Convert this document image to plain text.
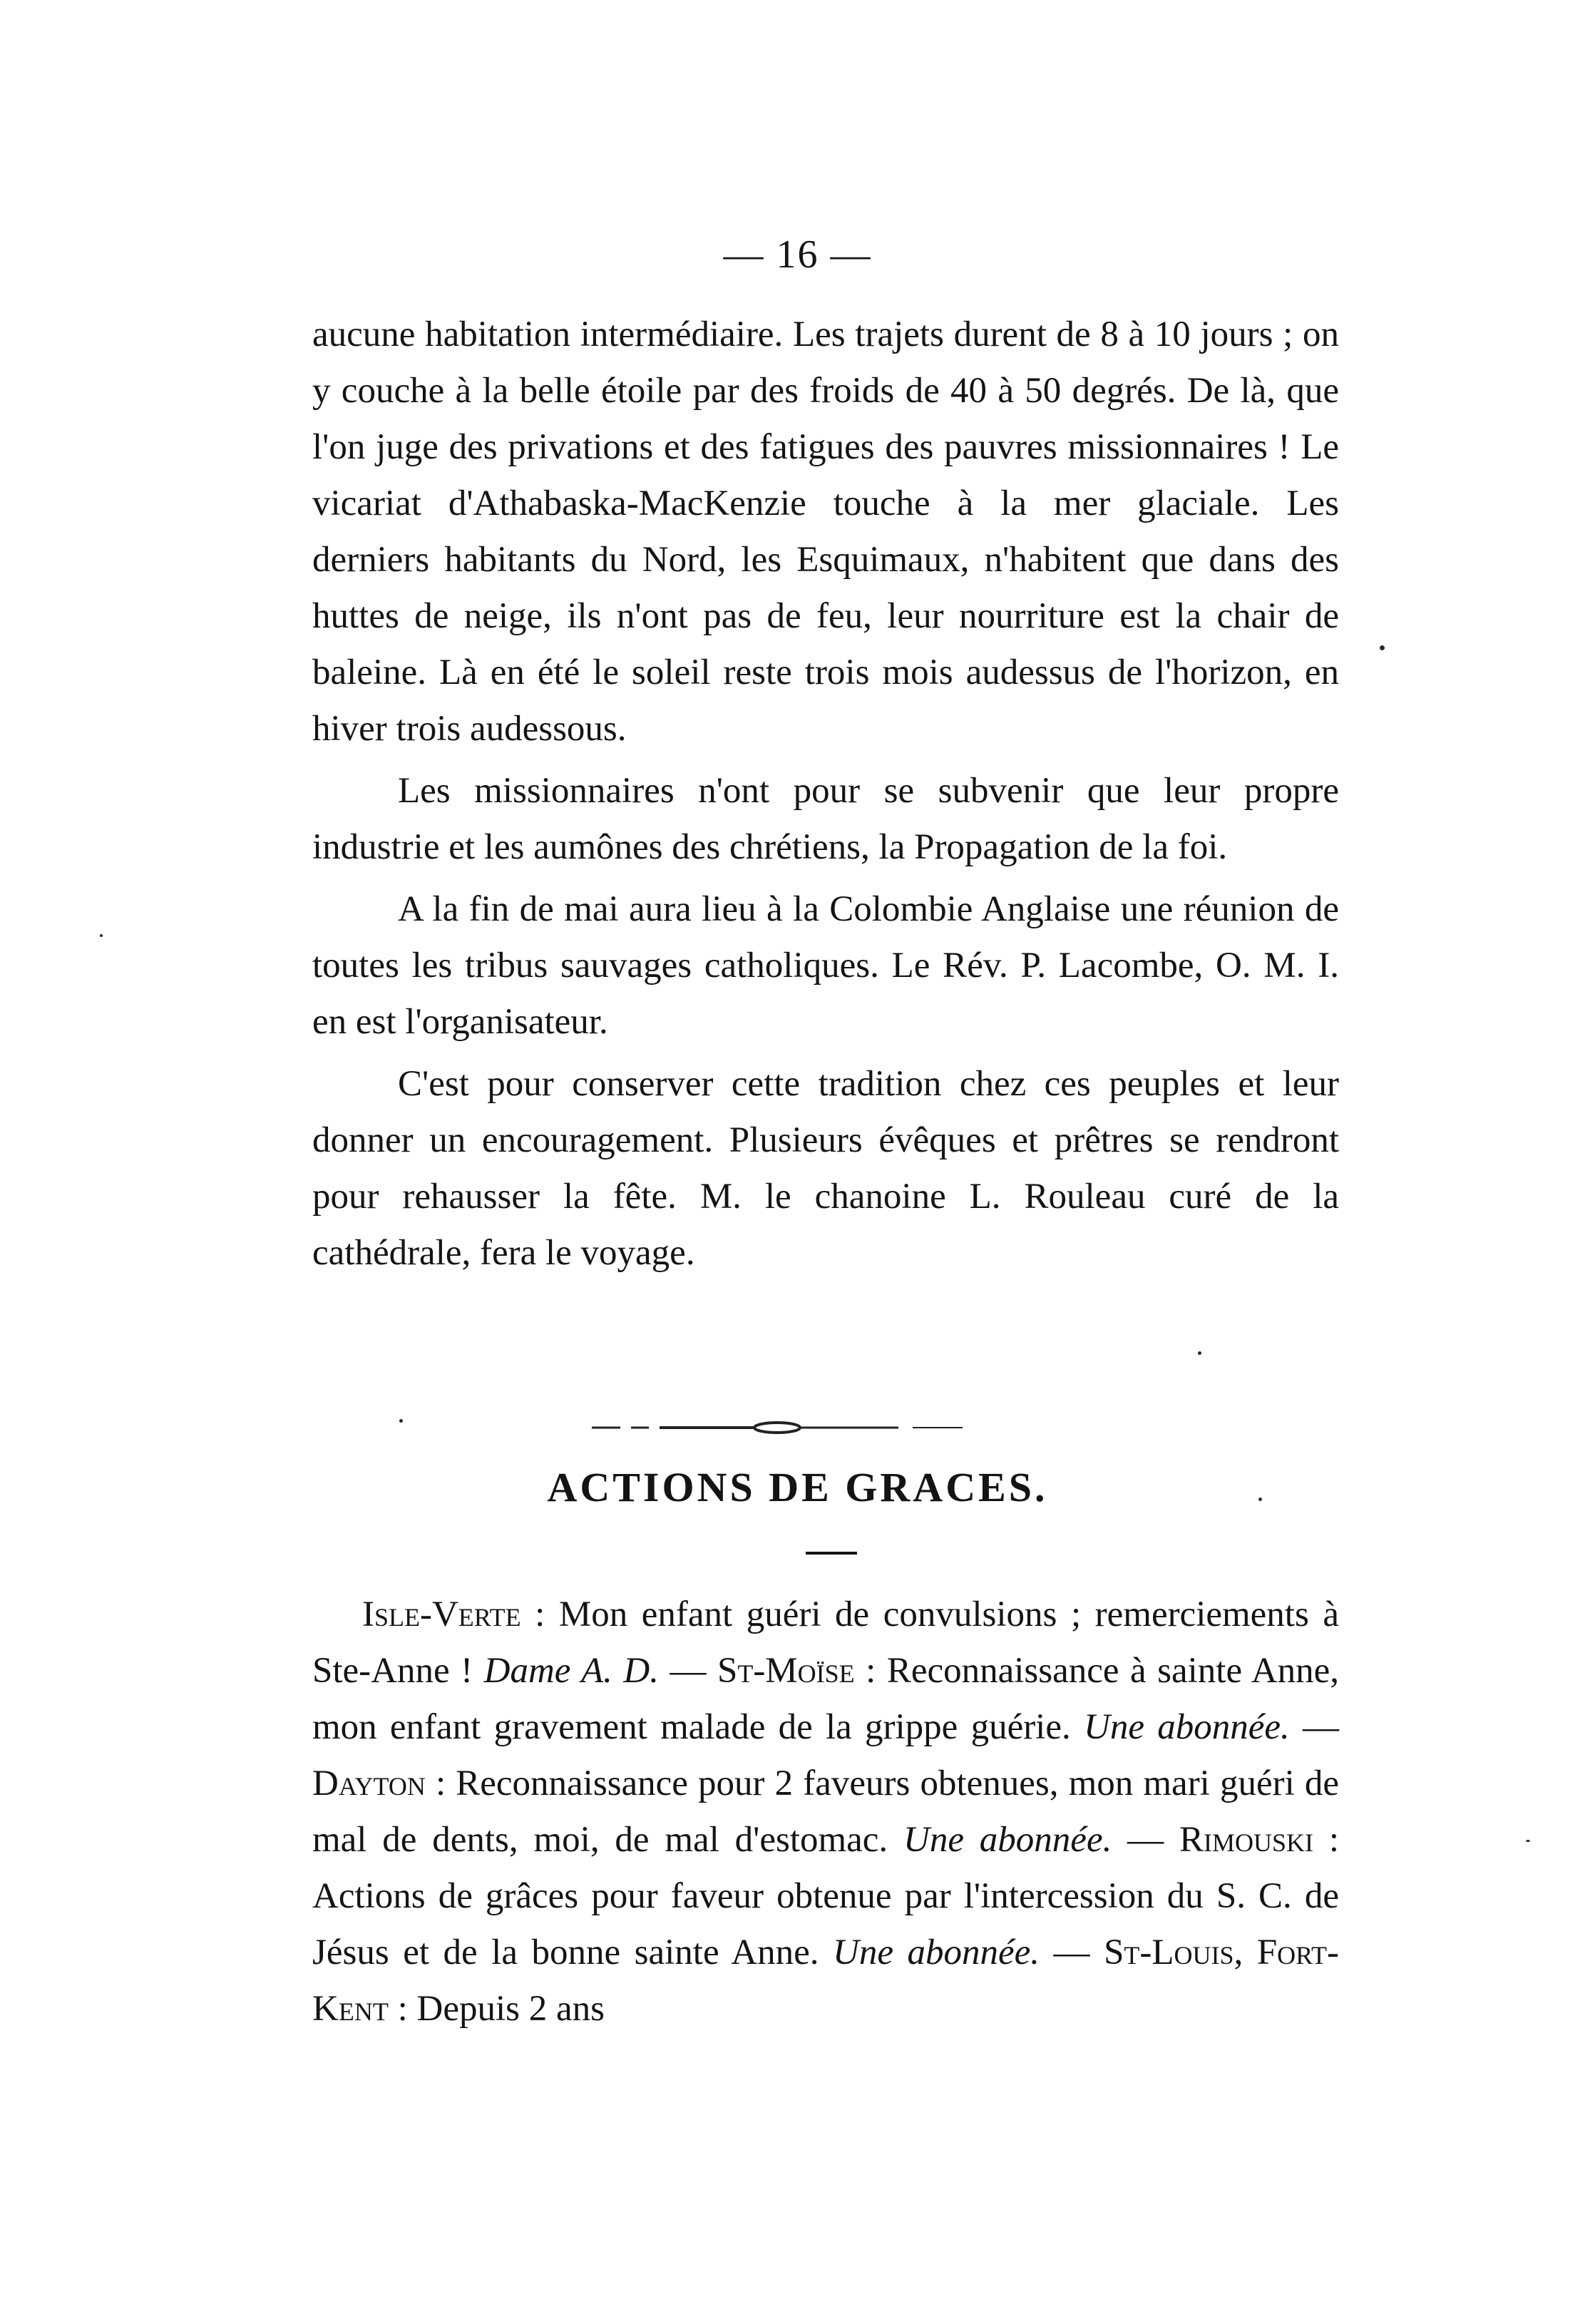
— 16 —

aucune habitation intermédiaire. Les trajets durent de 8 à 10 jours ; on y couche à la belle étoile par des froids de 40 à 50 degrés. De là, que l'on juge des privations et des fatigues des pauvres missionnaires ! Le vicariat d'Athabaska-MacKenzie touche à la mer glaciale. Les derniers habitants du Nord, les Esquimaux, n'habitent que dans des huttes de neige, ils n'ont pas de feu, leur nourriture est la chair de baleine. Là en été le soleil reste trois mois audessus de l'horizon, en hiver trois audessous.

Les missionnaires n'ont pour se subvenir que leur propre industrie et les aumônes des chrétiens, la Propagation de la foi.

A la fin de mai aura lieu à la Colombie Anglaise une réunion de toutes les tribus sauvages catholiques. Le Rév. P. Lacombe, O. M. I. en est l'organisateur.

C'est pour conserver cette tradition chez ces peuples et leur donner un encouragement. Plusieurs évêques et prêtres se rendront pour rehausser la fête. M. le chanoine L. Rouleau curé de la cathédrale, fera le voyage.

ACTIONS DE GRACES.
Isle-Verte : Mon enfant guéri de convulsions ; remerciements à Ste-Anne ! Dame A. D. — St-Moïse : Reconnaissance à sainte Anne, mon enfant gravement malade de la grippe guérie. Une abonnée. — Dayton : Reconnaissance pour 2 faveurs obtenues, mon mari guéri de mal de dents, moi, de mal d'estomac. Une abonnée. — Rimouski : Actions de grâces pour faveur obtenue par l'intercession du S. C. de Jésus et de la bonne sainte Anne. Une abonnée. — St-Louis, Fort-Kent : Depuis 2 ans
